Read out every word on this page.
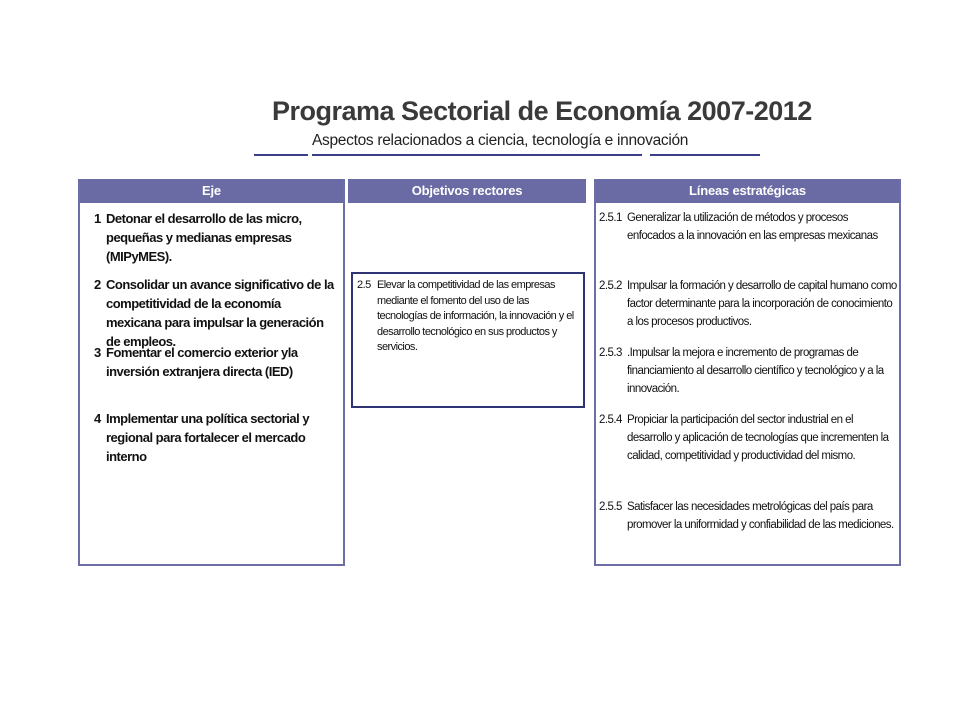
Programa Sectorial de Economía 2007-2012
Aspectos relacionados a ciencia, tecnología e innovación
Eje
1 Detonar el desarrollo de las micro, pequeñas y medianas empresas (MIPyMES).
2 Consolidar un avance significativo de la competitividad de la economía mexicana para impulsar la generación de empleos.
3 Fomentar el comercio exterior yla inversión extranjera directa (IED)
4 Implementar una política sectorial y regional para fortalecer el mercado interno
Objetivos rectores
2.5 Elevar la competitividad de las empresas mediante el fomento del uso de las tecnologías de información, la innovación y el desarrollo tecnológico en sus productos y servicios.
Líneas estratégicas
2.5.1 Generalizar la utilización de métodos y procesos enfocados a la innovación en las empresas mexicanas
2.5.2 Impulsar la formación y desarrollo de capital humano como factor determinante para la incorporación de conocimiento a los procesos productivos.
2.5.3 .Impulsar la mejora e incremento de programas de financiamiento al desarrollo científico y tecnológico y a la innovación.
2.5.4 Propiciar la participación del sector industrial en el desarrollo y aplicación de tecnologías que incrementen la calidad, competitividad y productividad del mismo.
2.5.5 Satisfacer las necesidades metrológicas del país para promover la uniformidad y confiabilidad de las mediciones.
